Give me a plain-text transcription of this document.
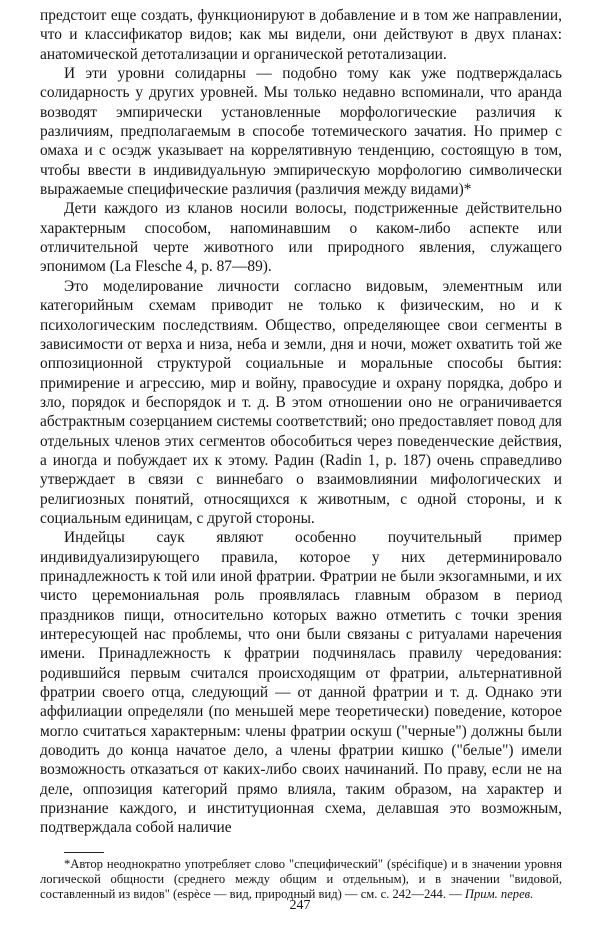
предстоит еще создать, функционируют в добавление и в том же направлении, что и классификатор видов; как мы видели, они действуют в двух планах: анатомической детотализации и органической ретотализации.

И эти уровни солидарны — подобно тому как уже подтверждалась солидарность у других уровней. Мы только недавно вспоминали, что аранда возводят эмпирически установленные морфологические различия к различиям, предполагаемым в способе тотемического зачатия. Но пример с омаха и с осэдж указывает на коррелятивную тенденцию, состоящую в том, чтобы ввести в индивидуальную эмпирическую морфологию символически выражаемые специфические различия (различия между видами)*

Дети каждого из кланов носили волосы, подстриженные действительно характерным способом, напоминавшим о каком-либо аспекте или отличительной черте животного или природного явления, служащего эпонимом (La Flesche 4, p. 87—89).

Это моделирование личности согласно видовым, элементным или категорийным схемам приводит не только к физическим, но и к психологическим последствиям. Общество, определяющее свои сегменты в зависимости от верха и низа, неба и земли, дня и ночи, может охватить той же оппозиционной структурой социальные и моральные способы бытия: примирение и агрессию, мир и войну, правосудие и охрану порядка, добро и зло, порядок и беспорядок и т. д. В этом отношении оно не ограничивается абстрактным созерцанием системы соответствий; оно предоставляет повод для отдельных членов этих сегментов обособиться через поведенческие действия, а иногда и побуждает их к этому. Радин (Radin 1, p. 187) очень справедливо утверждает в связи с виннебаго о взаимовлиянии мифологических и религиозных понятий, относящихся к животным, с одной стороны, и к социальным единицам, с другой стороны.

Индейцы саук являют особенно поучительный пример индивидуализирующего правила, которое у них детерминировало принадлежность к той или иной фратрии. Фратрии не были экзогамными, и их чисто церемониальная роль проявлялась главным образом в период праздников пищи, относительно которых важно отметить с точки зрения интересующей нас проблемы, что они были связаны с ритуалами наречения имени. Принадлежность к фратрии подчинялась правилу чередования: родившийся первым считался происходящим от фратрии, альтернативной фратрии своего отца, следующий — от данной фратрии и т. д. Однако эти аффилиации определяли (по меньшей мере теоретически) поведение, которое могло считаться характерным: члены фратрии оскуш ("черные") должны были доводить до конца начатое дело, а члены фратрии кишко ("белые") имели возможность отказаться от каких-либо своих начинаний. По праву, если не на деле, оппозиция категорий прямо влияла, таким образом, на характер и признание каждого, и институционная схема, делавшая это возможным, подтверждала собой наличие

*Автор неоднократно употребляет слово "специфический" (spécifique) и в значении уровня логической общности (среднего между общим и отдельным), и в значении "видовой, составленный из видов" (espèce — вид, природный вид) — см. с. 242—244. — Прим. перев.

247
